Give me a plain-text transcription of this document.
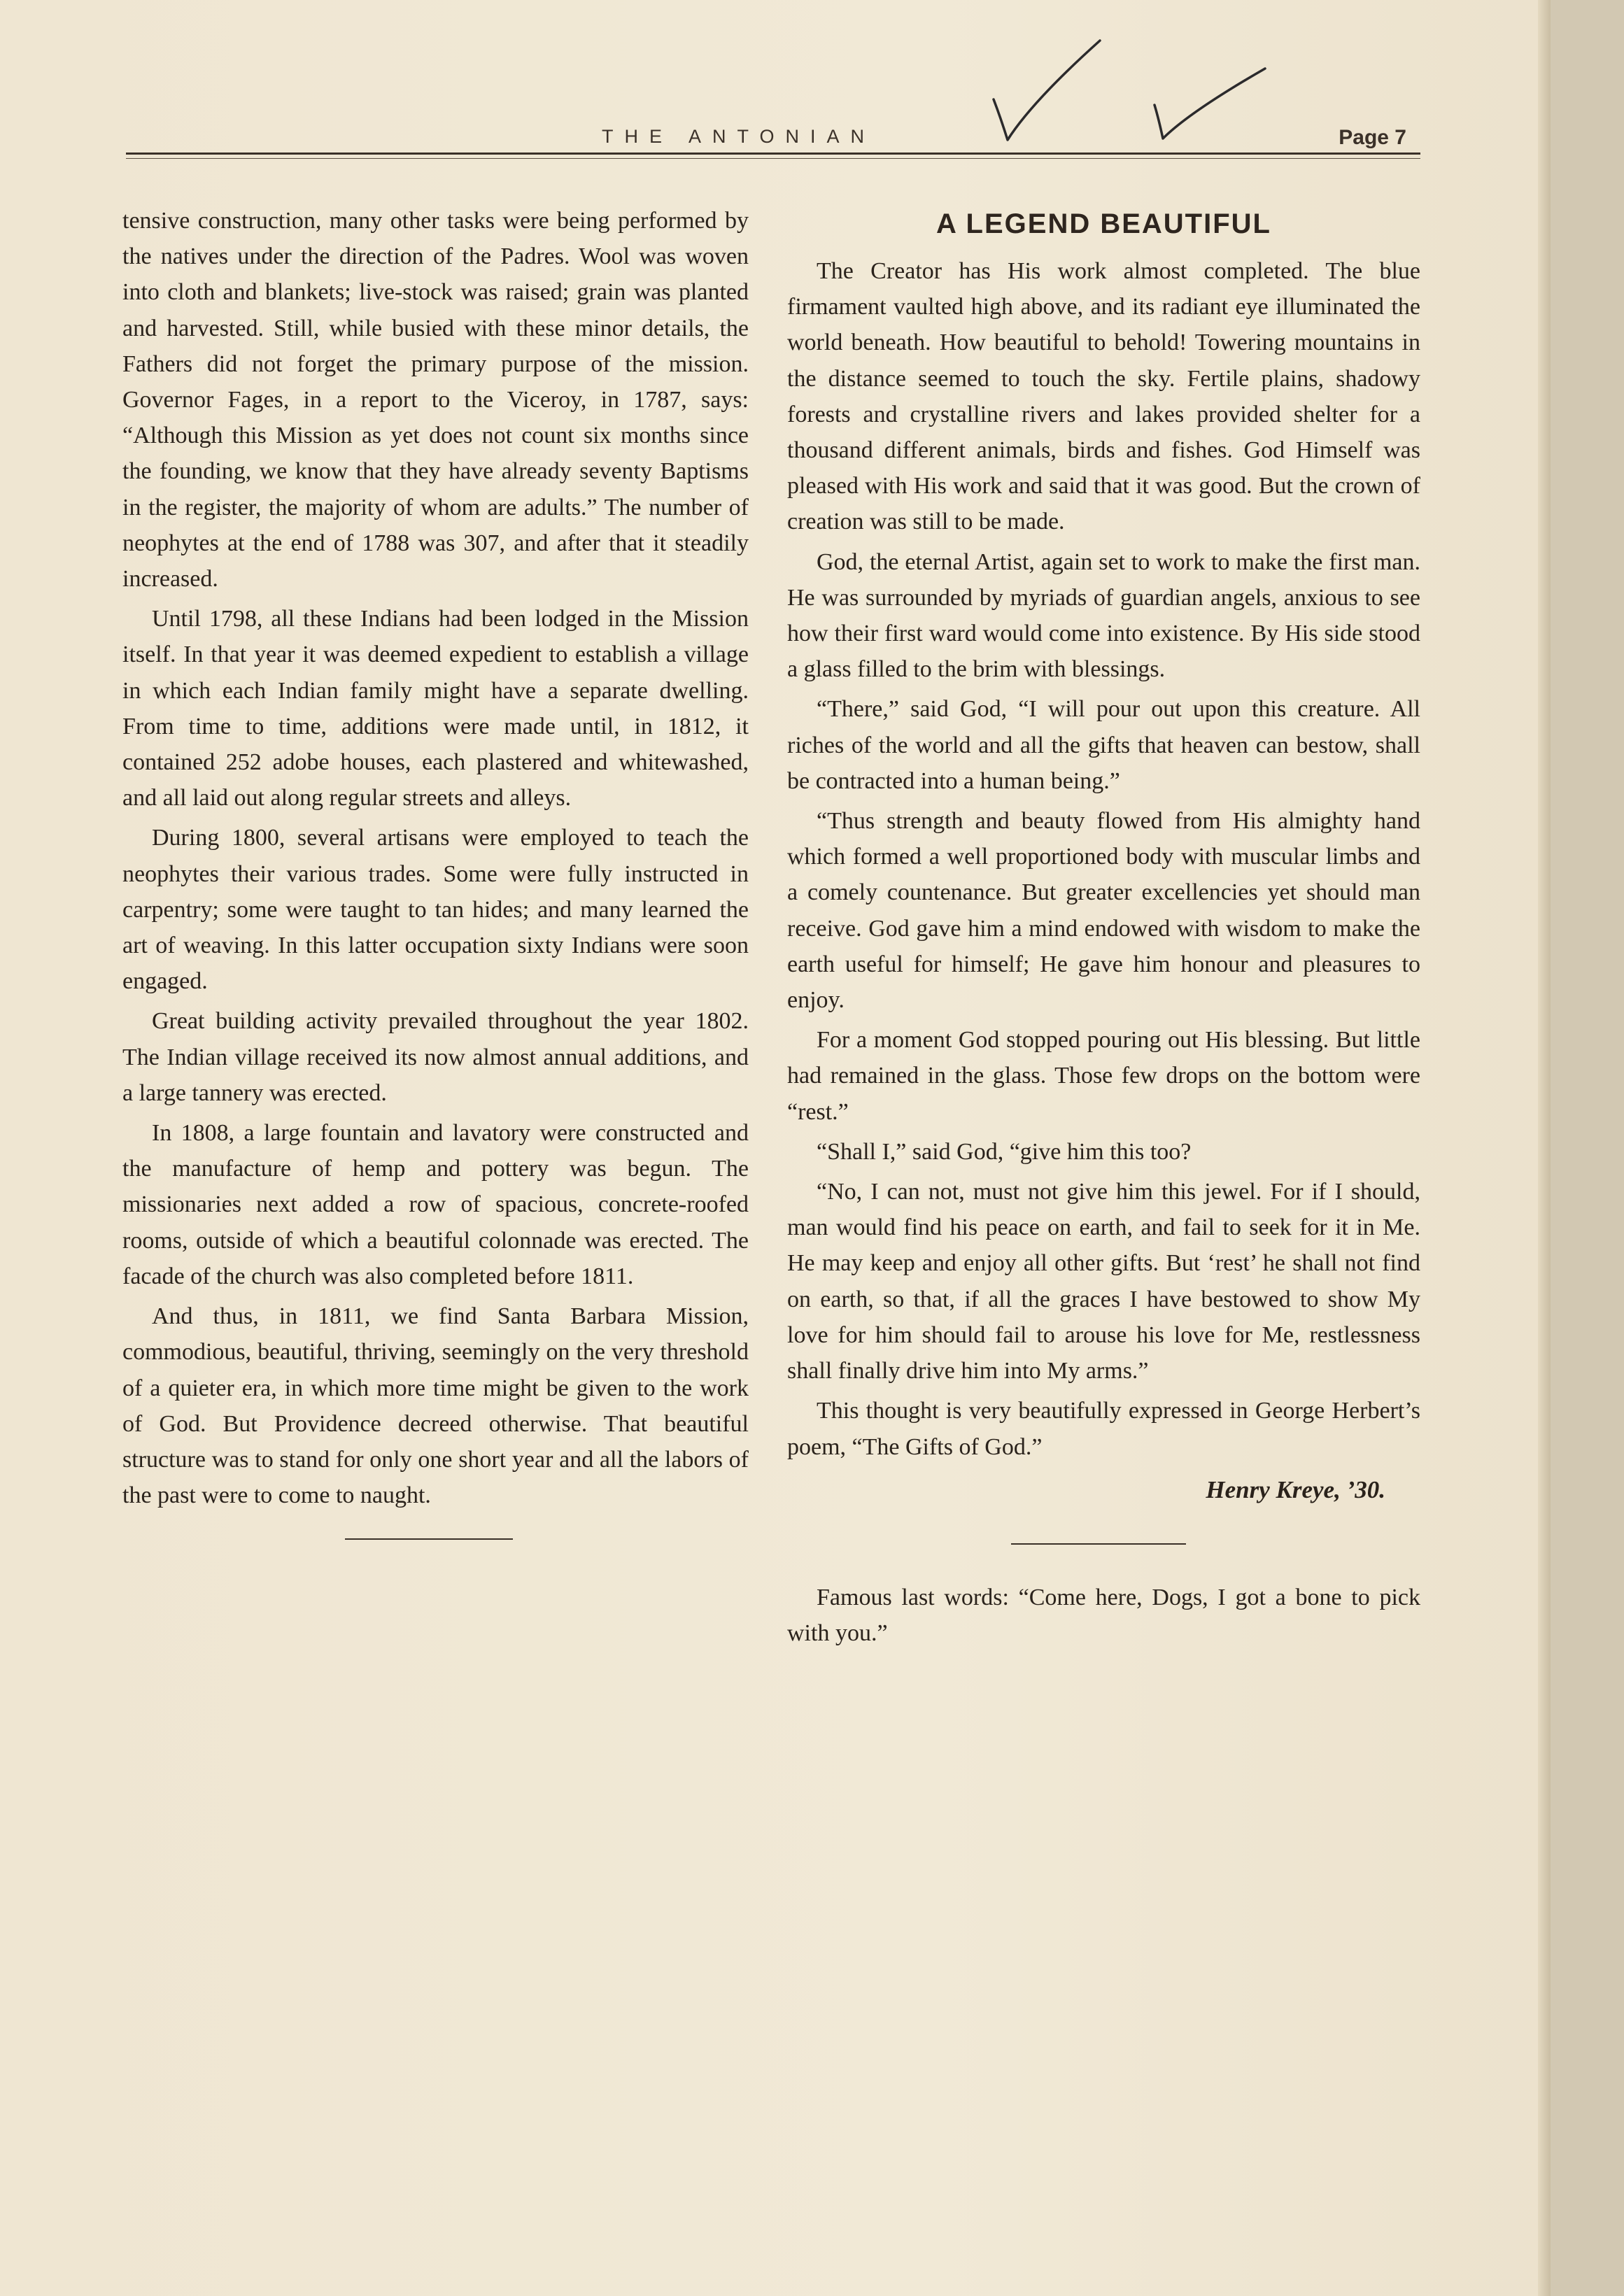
THE ANTONIAN	Page 7

tensive construction, many other tasks were being performed by the natives under the direction of the Padres. Wool was woven into cloth and blankets; live-stock was raised; grain was planted and harvested. Still, while busied with these minor details, the Fathers did not forget the primary purpose of the mission. Governor Fages, in a report to the Viceroy, in 1787, says: “Although this Mission as yet does not count six months since the founding, we know that they have already seventy Baptisms in the register, the majority of whom are adults.” The number of neophytes at the end of 1788 was 307, and after that it steadily increased.

Until 1798, all these Indians had been lodged in the Mission itself. In that year it was deemed expedient to establish a village in which each Indian family might have a separate dwelling. From time to time, additions were made until, in 1812, it contained 252 adobe houses, each plastered and whitewashed, and all laid out along regular streets and alleys.

During 1800, several artisans were employed to teach the neophytes their various trades. Some were fully instructed in carpentry; some were taught to tan hides; and many learned the art of weaving. In this latter occupation sixty Indians were soon engaged.

Great building activity prevailed throughout the year 1802. The Indian village received its now almost annual additions, and a large tannery was erected.

In 1808, a large fountain and lavatory were constructed and the manufacture of hemp and pottery was begun. The missionaries next added a row of spacious, concrete-roofed rooms, outside of which a beautiful colonnade was erected. The facade of the church was also completed before 1811.

And thus, in 1811, we find Santa Barbara Mission, commodious, beautiful, thriving, seemingly on the very threshold of a quieter era, in which more time might be given to the work of God. But Providence decreed otherwise. That beautiful structure was to stand for only one short year and all the labors of the past were to come to naught.

A LEGEND BEAUTIFUL

The Creator has His work almost completed. The blue firmament vaulted high above, and its radiant eye illuminated the world beneath. How beautiful to behold! Towering mountains in the distance seemed to touch the sky. Fertile plains, shadowy forests and crystalline rivers and lakes provided shelter for a thousand different animals, birds and fishes. God Himself was pleased with His work and said that it was good. But the crown of creation was still to be made.

God, the eternal Artist, again set to work to make the first man. He was surrounded by myriads of guardian angels, anxious to see how their first ward would come into existence. By His side stood a glass filled to the brim with blessings.

“There,” said God, “I will pour out upon this creature. All riches of the world and all the gifts that heaven can bestow, shall be contracted into a human being.”

“Thus strength and beauty flowed from His almighty hand which formed a well proportioned body with muscular limbs and a comely countenance. But greater excellencies yet should man receive. God gave him a mind endowed with wisdom to make the earth useful for himself; He gave him honour and pleasures to enjoy.

For a moment God stopped pouring out His blessing. But little had remained in the glass. Those few drops on the bottom were “rest.”

“Shall I,” said God, “give him this too?

“No, I can not, must not give him this jewel. For if I should, man would find his peace on earth, and fail to seek for it in Me. He may keep and enjoy all other gifts. But ‘rest’ he shall not find on earth, so that, if all the graces I have bestowed to show My love for him should fail to arouse his love for Me, restlessness shall finally drive him into My arms.”

This thought is very beautifully expressed in George Herbert’s poem, “The Gifts of God.”

Henry Kreye, ’30.

Famous last words: “Come here, Dogs, I got a bone to pick with you.”
